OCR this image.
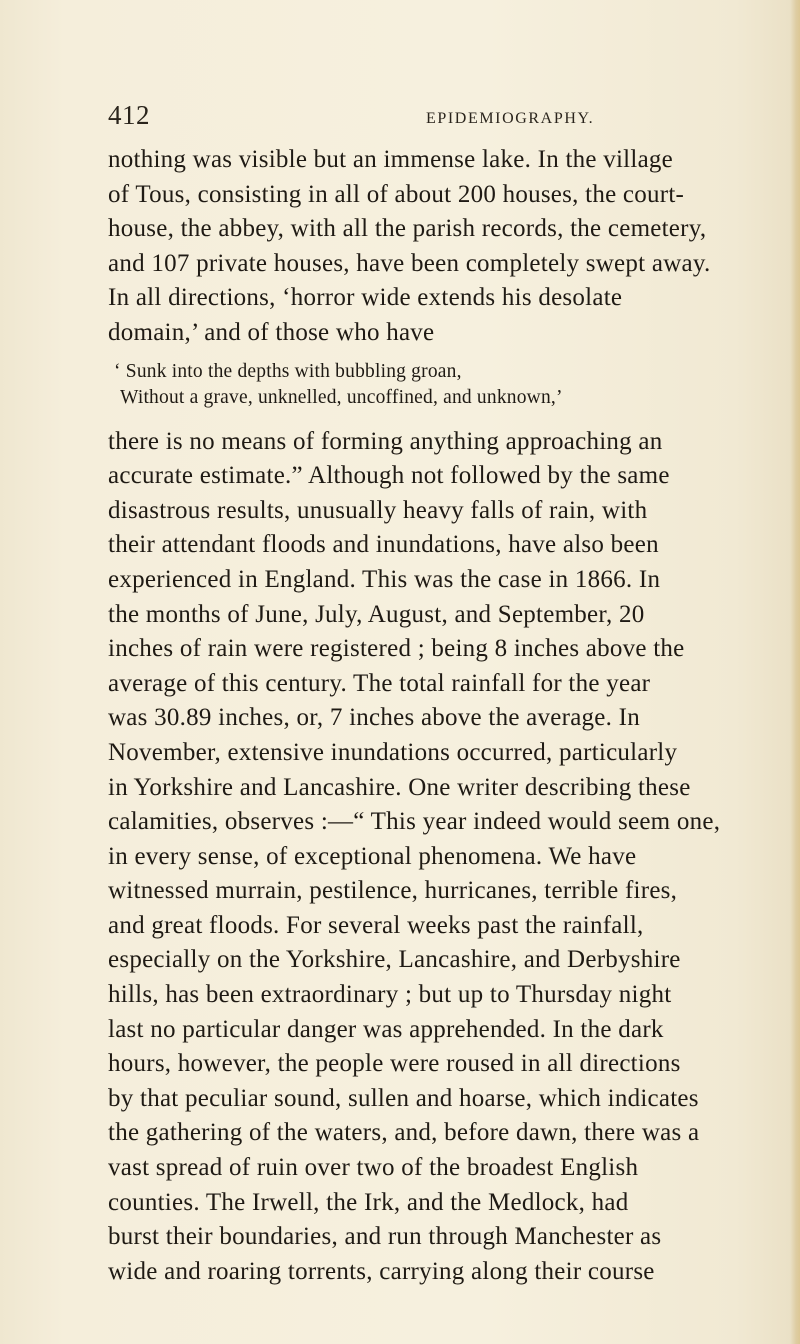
412	EPIDEMIOGRAPHY.
nothing was visible but an immense lake. In the village
of Tous, consisting in all of about 200 houses, the court-
house, the abbey, with all the parish records, the cemetery,
and 107 private houses, have been completely swept away.
In all directions, ‘horror wide extends his desolate
domain,’ and of those who have
‘ Sunk into the depths with bubbling groan,
Without a grave, unknelled, uncoffined, and unknown,’
there is no means of forming anything approaching an
accurate estimate.” Although not followed by the same
disastrous results, unusually heavy falls of rain, with
their attendant floods and inundations, have also been
experienced in England. This was the case in 1866. In
the months of June, July, August, and September, 20
inches of rain were registered ; being 8 inches above the
average of this century. The total rainfall for the year
was 30.89 inches, or, 7 inches above the average. In
November, extensive inundations occurred, particularly
in Yorkshire and Lancashire. One writer describing these
calamities, observes :—“ This year indeed would seem one,
in every sense, of exceptional phenomena. We have
witnessed murrain, pestilence, hurricanes, terrible fires,
and great floods. For several weeks past the rainfall,
especially on the Yorkshire, Lancashire, and Derbyshire
hills, has been extraordinary ; but up to Thursday night
last no particular danger was apprehended. In the dark
hours, however, the people were roused in all directions
by that peculiar sound, sullen and hoarse, which indicates
the gathering of the waters, and, before dawn, there was a
vast spread of ruin over two of the broadest English
counties. The Irwell, the Irk, and the Medlock, had
burst their boundaries, and run through Manchester as
wide and roaring torrents, carrying along their course
